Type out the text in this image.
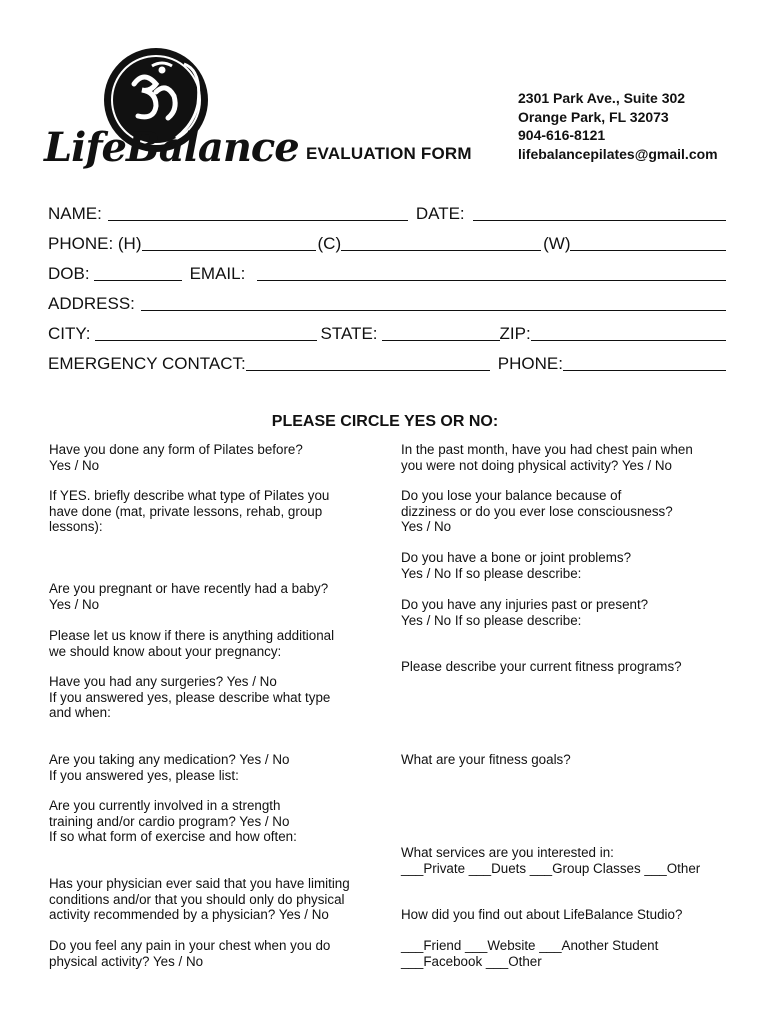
LifeBalance EVALUATION FORM
2301 Park Ave., Suite 302
Orange Park, FL 32073
904-616-8121
lifebalancepilates@gmail.com
NAME:	DATE:
PHONE: (H)	(C)	(W)
DOB:	EMAIL:
ADDRESS:
CITY:	STATE:	ZIP:
EMERGENCY CONTACT:	PHONE:
PLEASE CIRCLE YES OR NO:
Have you done any form of Pilates before?
Yes / No
If YES. briefly describe what type of Pilates you
have done (mat, private lessons, rehab, group
lessons):
Are you pregnant or have recently had a baby?
Yes / No
Please let us know if there is anything additional
we should know about your pregnancy:
Have you had any surgeries? Yes / No
If you answered yes, please describe what type
and when:
Are you taking any medication? Yes / No
If you answered yes, please list:
Are you currently involved in a strength
training and/or cardio program? Yes / No
If so what form of exercise and how often:
Has your physician ever said that you have limiting
conditions and/or that you should only do physical
activity recommended by a physician? Yes / No
Do you feel any pain in your chest when you do
physical activity? Yes / No
In the past month, have you had chest pain when
you were not doing physical activity? Yes / No
Do you lose your balance because of
dizziness or do you ever lose consciousness?
Yes / No
Do you have a bone or joint problems?
Yes / No If so please describe:
Do you have any injuries past or present?
Yes / No If so please describe:
Please describe your current fitness programs?
What are your fitness goals?
What services are you interested in:
___Private ___Duets ___Group Classes ___Other
How did you find out about LifeBalance Studio?
___Friend ___Website ___Another Student
___Facebook ___Other
